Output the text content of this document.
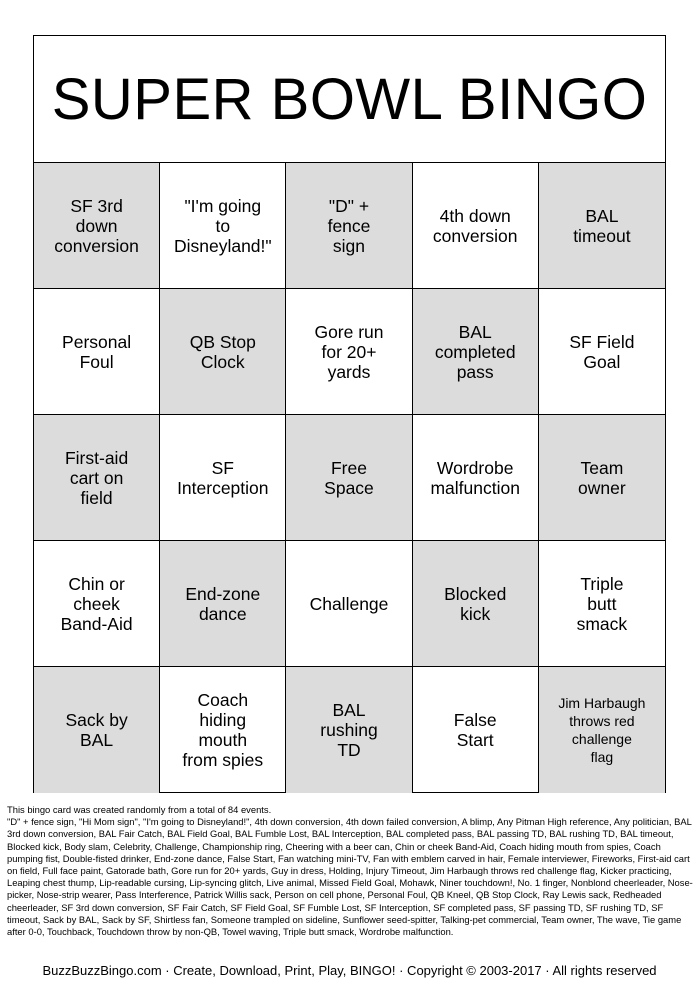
SUPER BOWL BINGO
SF 3rd
down
conversion
"I'm going
to
Disneyland!"
"D" +
fence
sign
4th down
conversion
BAL
timeout
Personal
Foul
QB Stop
Clock
Gore run
for 20+
yards
BAL
completed
pass
SF Field
Goal
First-aid
cart on
field
SF
Interception
Free
Space
Wordrobe
malfunction
Team
owner
Chin or
cheek
Band-Aid
End-zone
dance	Challenge	Blocked
kick
Triple
butt
smack
Sack by
BAL
Coach
hiding
mouth
from spies
BAL
rushing
TD
False
Start
Jim Harbaugh
throws red
challenge
flag

This bingo card was created randomly from a total of 84 events.
"D" + fence sign, "Hi Mom sign", "I'm going to Disneyland!", 4th down conversion, 4th down failed conversion, A blimp, Any Pitman High reference, Any politician, BAL 3rd down conversion, BAL Fair Catch, BAL Field Goal, BAL Fumble Lost, BAL Interception, BAL completed pass, BAL passing TD, BAL rushing TD, BAL timeout, Blocked kick, Body slam, Celebrity, Challenge, Championship ring, Cheering with a beer can, Chin or cheek Band-Aid, Coach hiding mouth from spies, Coach pumping fist, Double-fisted drinker, End-zone dance, False Start, Fan watching mini-TV, Fan with emblem carved in hair, Female interviewer, Fireworks, First-aid cart on field, Full face paint, Gatorade bath, Gore run for 20+ yards, Guy in dress, Holding, Injury Timeout, Jim Harbaugh throws red challenge flag, Kicker practicing, Leaping chest thump, Lip-readable cursing, Lip-syncing glitch, Live animal, Missed Field Goal, Mohawk, Niner touchdown!, No. 1 finger, Nonblond cheerleader, Nose-picker, Nose-strip wearer, Pass Interference, Patrick Willis sack, Person on cell phone, Personal Foul, QB Kneel, QB Stop Clock, Ray Lewis sack, Redheaded cheerleader, SF 3rd down conversion, SF Fair Catch, SF Field Goal, SF Fumble Lost, SF Interception, SF completed pass, SF passing TD, SF rushing TD, SF timeout, Sack by BAL, Sack by SF, Shirtless fan, Someone trampled on sideline, Sunflower seed-spitter, Talking-pet commercial, Team owner, The wave, Tie game after 0-0, Touchback, Touchdown throw by non-QB, Towel waving, Triple butt smack, Wordrobe malfunction.

BuzzBuzzBingo.com · Create, Download, Print, Play, BINGO! · Copyright © 2003-2017 · All rights reserved
